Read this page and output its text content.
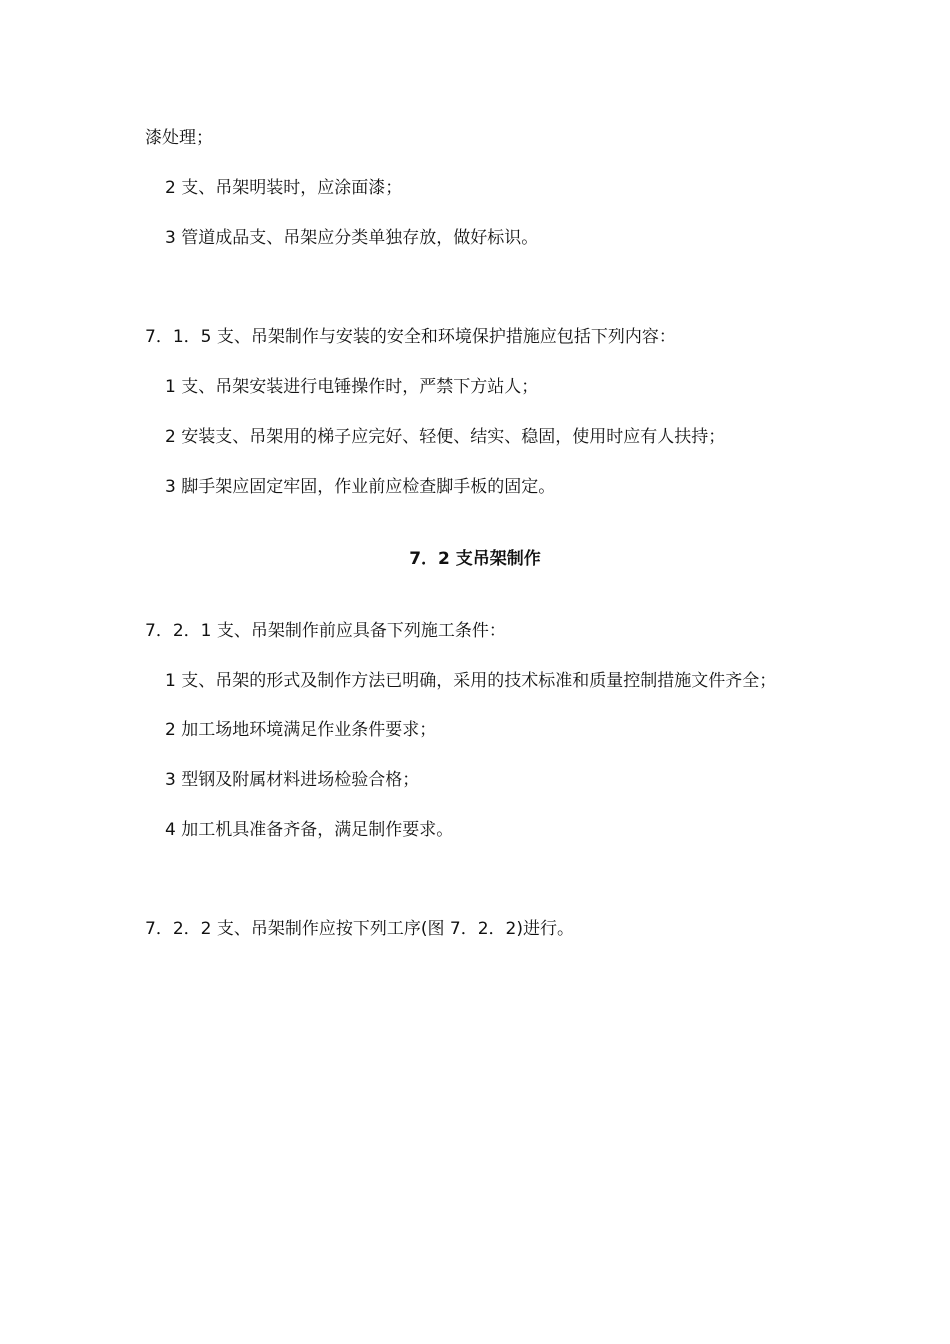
漆处理；
2 支、吊架明装时，应涂面漆；
3 管道成品支、吊架应分类单独存放，做好标识。
7．1．5 支、吊架制作与安装的安全和环境保护措施应包括下列内容：
1 支、吊架安装进行电锤操作时，严禁下方站人；
2 安装支、吊架用的梯子应完好、轻便、结实、稳固，使用时应有人扶持；
3 脚手架应固定牢固，作业前应检查脚手板的固定。
7．2 支吊架制作
7．2．1 支、吊架制作前应具备下列施工条件：
1 支、吊架的形式及制作方法已明确，采用的技术标准和质量控制措施文件齐全；
2 加工场地环境满足作业条件要求；
3 型钢及附属材料进场检验合格；
4 加工机具准备齐备，满足制作要求。
7．2．2 支、吊架制作应按下列工序(图 7．2．2)进行。
